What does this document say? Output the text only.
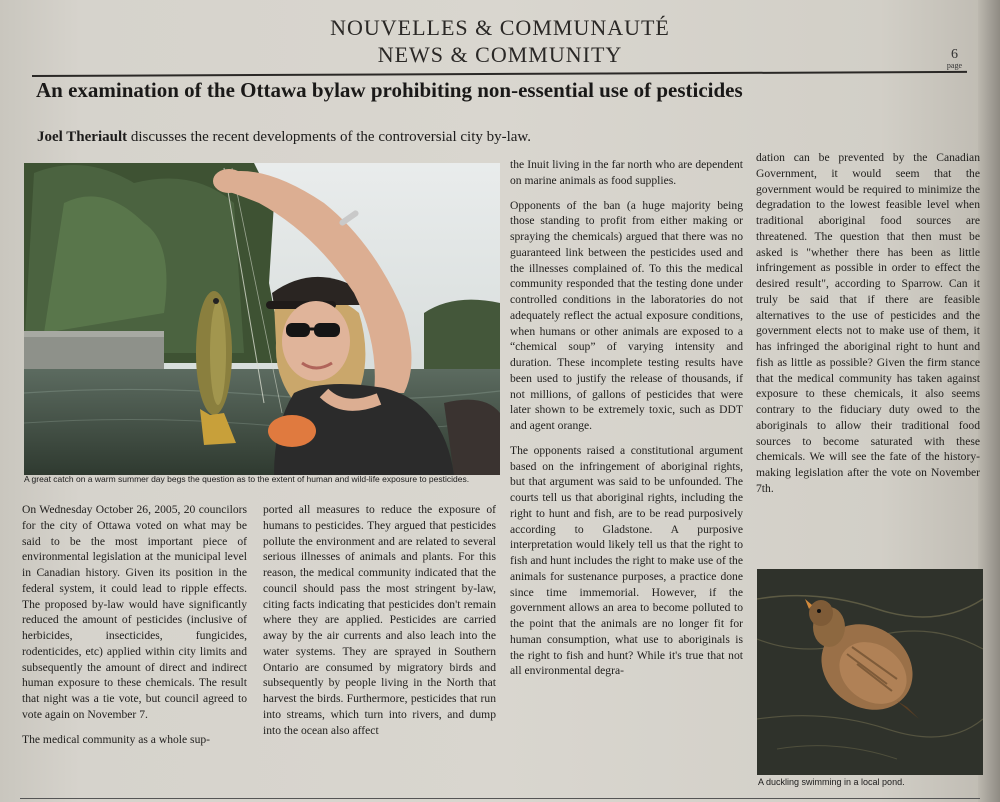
NOUVELLES & COMMUNAUTÉ
NEWS & COMMUNITY	6
page
An examination of the Ottawa bylaw prohibiting non-essential use of pesticides
Joel Theriault discusses the recent developments of the controversial city by-law.
A great catch on a warm summer day begs the question as to the extent of human and wild-life exposure to pesticides.

On Wednesday October 26, 2005, 20 councilors for the city of Ottawa voted on what may be said to be the most important piece of environmental legislation at the municipal level in Canadian history. Given its position in the federal system, it could lead to ripple effects. The proposed by-law would have significantly reduced the amount of pesticides (inclusive of herbicides, insecticides, fungicides, rodenticides, etc) applied within city limits and subsequently the amount of direct and indirect human exposure to these chemicals. The result that night was a tie vote, but council agreed to vote again on November 7.

The medical community as a whole sup-

ported all measures to reduce the exposure of humans to pesticides. They argued that pesticides pollute the environment and are related to several serious illnesses of animals and plants. For this reason, the medical community indicated that the council should pass the most stringent by-law, citing facts indicating that pesticides don't remain where they are applied. Pesticides are carried away by the air currents and also leach into the water systems. They are sprayed in Southern Ontario are consumed by migratory birds and subsequently by people living in the North that harvest the birds. Furthermore, pesticides that run into streams, which turn into rivers, and dump into the ocean also affect

the Inuit living in the far north who are dependent on marine animals as food supplies.

Opponents of the ban (a huge majority being those standing to profit from either making or spraying the chemicals) argued that there was no guaranteed link between the pesticides used and the illnesses complained of. To this the medical community responded that the testing done under controlled conditions in the laboratories do not adequately reflect the actual exposure conditions, when humans or other animals are exposed to a “chemical soup” of varying intensity and duration. These incomplete testing results have been used to justify the release of thousands, if not millions, of gallons of pesticides that were later shown to be extremely toxic, such as DDT and agent orange.

The opponents raised a constitutional argument based on the infringement of aboriginal rights, but that argument was said to be unfounded. The courts tell us that aboriginal rights, including the right to hunt and fish, are to be read purposively according to Gladstone. A purposive interpretation would likely tell us that the right to fish and hunt includes the right to make use of the animals for sustenance purposes, a practice done since time immemorial. However, if the government allows an area to become polluted to the point that the animals are no longer fit for human consumption, what use to aboriginals is the right to fish and hunt? While it's true that not all environmental degra-

dation can be prevented by the Canadian Government, it would seem that the government would be required to minimize the degradation to the lowest feasible level when traditional aboriginal food sources are threatened. The question that then must be asked is "whether there has been as little infringement as possible in order to effect the desired result", according to Sparrow. Can it truly be said that if there are feasible alternatives to the use of pesticides and the government elects not to make use of them, it has infringed the aboriginal right to hunt and fish as little as possible? Given the firm stance that the medical community has taken against exposure to these chemicals, it also seems contrary to the fiduciary duty owed to the aboriginals to allow their traditional food sources to become saturated with these chemicals. We will see the fate of the history-making legislation after the vote on November 7th.

A duckling swimming in a local pond.
